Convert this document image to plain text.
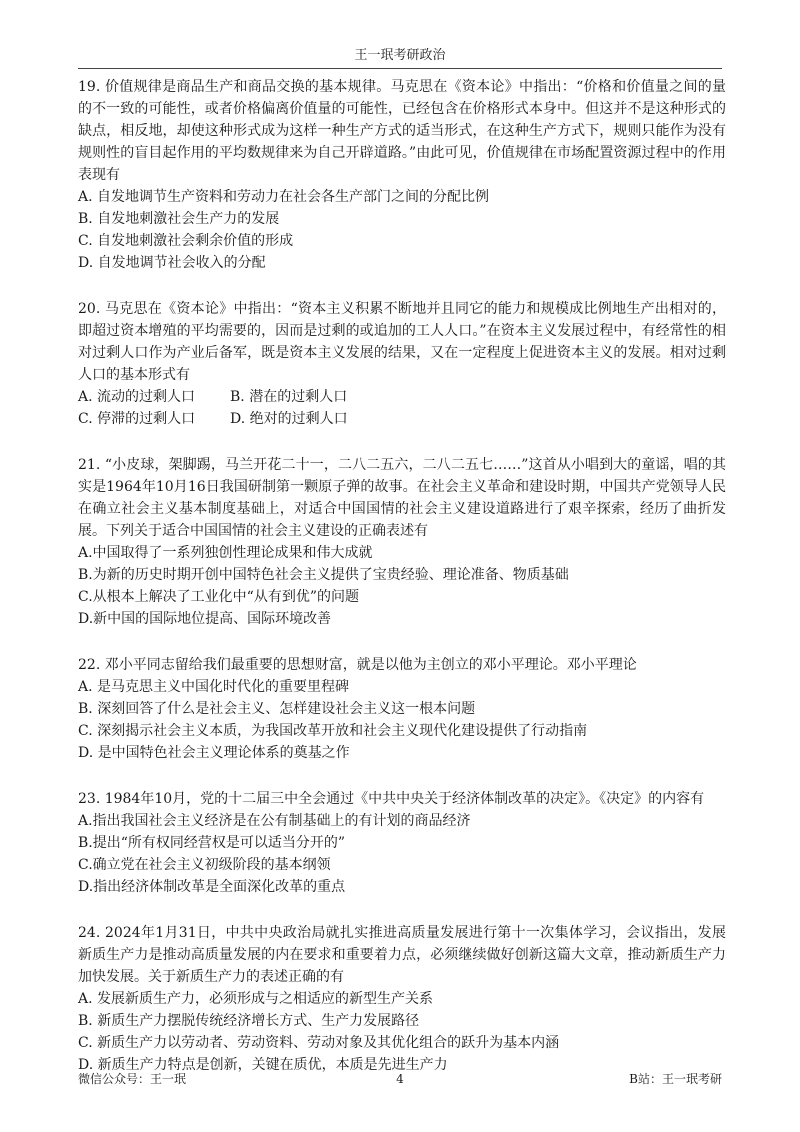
王一珉考研政治
19. 价值规律是商品生产和商品交换的基本规律。马克思在《资本论》中指出：“价格和价值量之间的量的不一致的可能性，或者价格偏离价值量的可能性，已经包含在价格形式本身中。但这并不是这种形式的缺点，相反地，却使这种形式成为这样一种生产方式的适当形式，在这种生产方式下，规则只能作为没有规则性的盲目起作用的平均数规律来为自己开辟道路。”由此可见，价值规律在市场配置资源过程中的作用表现有
A. 自发地调节生产资料和劳动力在社会各生产部门之间的分配比例
B. 自发地刺激社会生产力的发展
C. 自发地刺激社会剩余价值的形成
D. 自发地调节社会收入的分配
20. 马克思在《资本论》中指出：“资本主义积累不断地并且同它的能力和规模成比例地生产出相对的，即超过资本增殖的平均需要的，因而是过剩的或追加的工人人口。”在资本主义发展过程中，有经常性的相对过剩人口作为产业后备军，既是资本主义发展的结果，又在一定程度上促进资本主义的发展。相对过剩人口的基本形式有
A. 流动的过剩人口	B. 潜在的过剩人口
C. 停滞的过剩人口	D. 绝对的过剩人口
21. “小皮球，架脚踢，马兰开花二十一，二八二五六，二八二五七……”这首从小唱到大的童谣，唱的其实是1964年10月16日我国研制第一颗原子弹的故事。在社会主义革命和建设时期，中国共产党领导人民在确立社会主义基本制度基础上，对适合中国国情的社会主义建设道路进行了艰辛探索，经历了曲折发展。下列关于适合中国国情的社会主义建设的正确表述有
A.中国取得了一系列独创性理论成果和伟大成就
B.为新的历史时期开创中国特色社会主义提供了宝贵经验、理论准备、物质基础
C.从根本上解决了工业化中“从有到优”的问题
D.新中国的国际地位提高、国际环境改善
22. 邓小平同志留给我们最重要的思想财富，就是以他为主创立的邓小平理论。邓小平理论
A. 是马克思主义中国化时代化的重要里程碑
B. 深刻回答了什么是社会主义、怎样建设社会主义这一根本问题
C. 深刻揭示社会主义本质，为我国改革开放和社会主义现代化建设提供了行动指南
D. 是中国特色社会主义理论体系的奠基之作
23. 1984年10月，党的十二届三中全会通过《中共中央关于经济体制改革的决定》。《决定》的内容有
A.指出我国社会主义经济是在公有制基础上的有计划的商品经济
B.提出“所有权同经营权是可以适当分开的”
C.确立党在社会主义初级阶段的基本纲领
D.指出经济体制改革是全面深化改革的重点
24. 2024年1月31日，中共中央政治局就扎实推进高质量发展进行第十一次集体学习，会议指出，发展新质生产力是推动高质量发展的内在要求和重要着力点，必须继续做好创新这篇大文章，推动新质生产力加快发展。关于新质生产力的表述正确的有
A. 发展新质生产力，必须形成与之相适应的新型生产关系
B. 新质生产力摆脱传统经济增长方式、生产力发展路径
C. 新质生产力以劳动者、劳动资料、劳动对象及其优化组合的跃升为基本内涵
D. 新质生产力特点是创新，关键在质优，本质是先进生产力
微信公众号：王一珉	4	B站：王一珉考研
